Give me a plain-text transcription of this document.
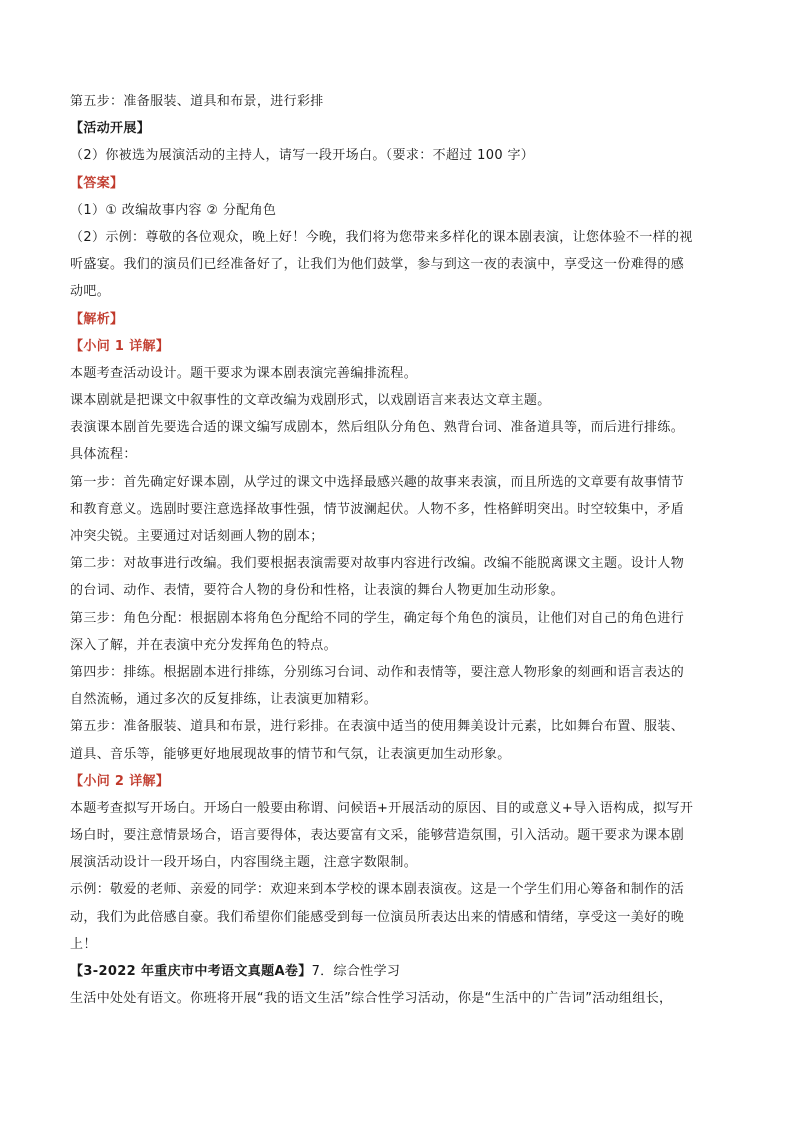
第五步：准备服装、道具和布景，进行彩排
【活动开展】
（2）你被选为展演活动的主持人，请写一段开场白。（要求：不超过 100 字）
【答案】
（1）① 改编故事内容 ② 分配角色
（2）示例：尊敬的各位观众，晚上好！今晚，我们将为您带来多样化的课本剧表演，让您体验不一样的视
听盛宴。我们的演员们已经准备好了，让我们为他们鼓掌，参与到这一夜的表演中，享受这一份难得的感
动吧。
【解析】
【小问 1 详解】
本题考查活动设计。题干要求为课本剧表演完善编排流程。
课本剧就是把课文中叙事性的文章改编为戏剧形式，以戏剧语言来表达文章主题。
表演课本剧首先要选合适的课文编写成剧本，然后组队分角色、熟背台词、准备道具等，而后进行排练。
具体流程：
第一步：首先确定好课本剧，从学过的课文中选择最感兴趣的故事来表演，而且所选的文章要有故事情节
和教育意义。选剧时要注意选择故事性强，情节波澜起伏。人物不多，性格鲜明突出。时空较集中，矛盾
冲突尖锐。主要通过对话刻画人物的剧本；
第二步：对故事进行改编。我们要根据表演需要对故事内容进行改编。改编不能脱离课文主题。设计人物
的台词、动作、表情，要符合人物的身份和性格，让表演的舞台人物更加生动形象。
第三步：角色分配：根据剧本将角色分配给不同的学生，确定每个角色的演员，让他们对自己的角色进行
深入了解，并在表演中充分发挥角色的特点。
第四步：排练。根据剧本进行排练，分别练习台词、动作和表情等，要注意人物形象的刻画和语言表达的
自然流畅，通过多次的反复排练，让表演更加精彩。
第五步：准备服装、道具和布景，进行彩排。在表演中适当的使用舞美设计元素，比如舞台布置、服装、
道具、音乐等，能够更好地展现故事的情节和气氛，让表演更加生动形象。
【小问 2 详解】
本题考查拟写开场白。开场白一般要由称谓、问候语+开展活动的原因、目的或意义+导入语构成，拟写开
场白时，要注意情景场合，语言要得体，表达要富有文采，能够营造氛围，引入活动。题干要求为课本剧
展演活动设计一段开场白，内容围绕主题，注意字数限制。
示例：敬爱的老师、亲爱的同学：欢迎来到本学校的课本剧表演夜。这是一个学生们用心筹备和制作的活
动，我们为此倍感自豪。我们希望你们能感受到每一位演员所表达出来的情感和情绪，享受这一美好的晚
上！
【3-2022 年重庆市中考语文真题A卷】7．综合性学习
生活中处处有语文。你班将开展“我的语文生活”综合性学习活动，你是“生活中的广告词”活动组组长，
